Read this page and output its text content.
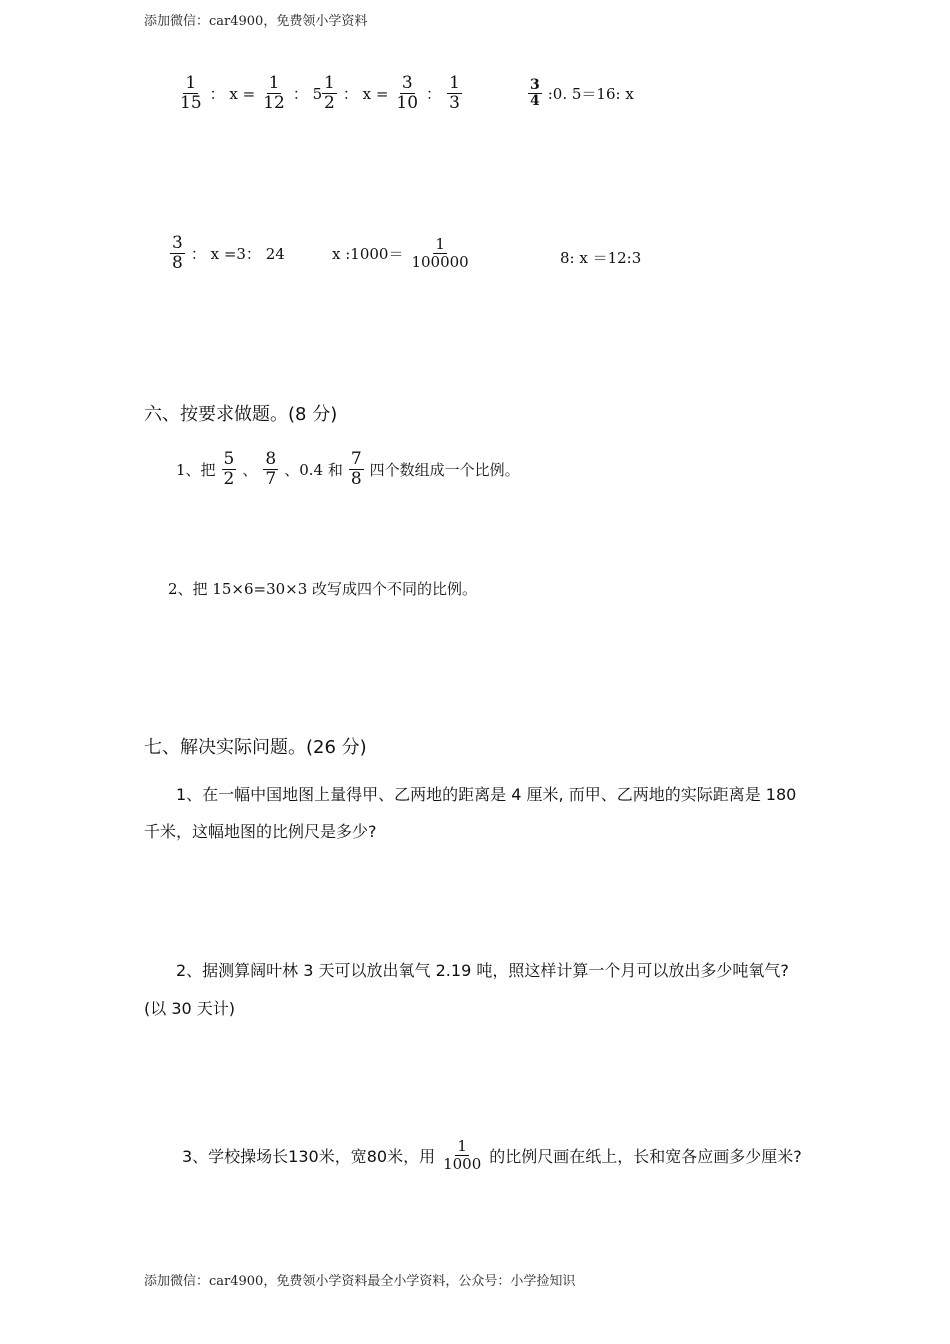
添加微信：car4900，免费领小学资料
$\frac{1}{15}$ ： $x = \frac{1}{12}$ ： $5 \frac{1}{2}$ ： $x = \frac{3}{10}$ ： $\frac{1}{3}$	$\frac{3}{4}$ :0. 5＝16: x
$\frac{3}{8}$ ： x =3： 24	x :1000＝ $\frac{1}{100000}$	8: x ＝12:3
六、按要求做题。(8 分)
1、把 $\frac{5}{2}$ 、 $\frac{8}{7}$ 、0.4 和 $\frac{7}{8}$ 四个数组成一个比例。
2、把 15×6=30×3 改写成四个不同的比例。
七、解决实际问题。(26 分)
1、在一幅中国地图上量得甲、乙两地的距离是 4 厘米, 而甲、乙两地的实际距离是 180
千米，这幅地图的比例尺是多少?
2、据测算阔叶林 3 天可以放出氧气 2.19 吨，照这样计算一个月可以放出多少吨氧气?
(以 30 天计)
3、学校操场长130米，宽80米，用 $\frac{1}{1000}$ 的比例尺画在纸上，长和宽各应画多少厘米?
添加微信：car4900，免费领小学资料最全小学资料，公众号：小学捡知识
